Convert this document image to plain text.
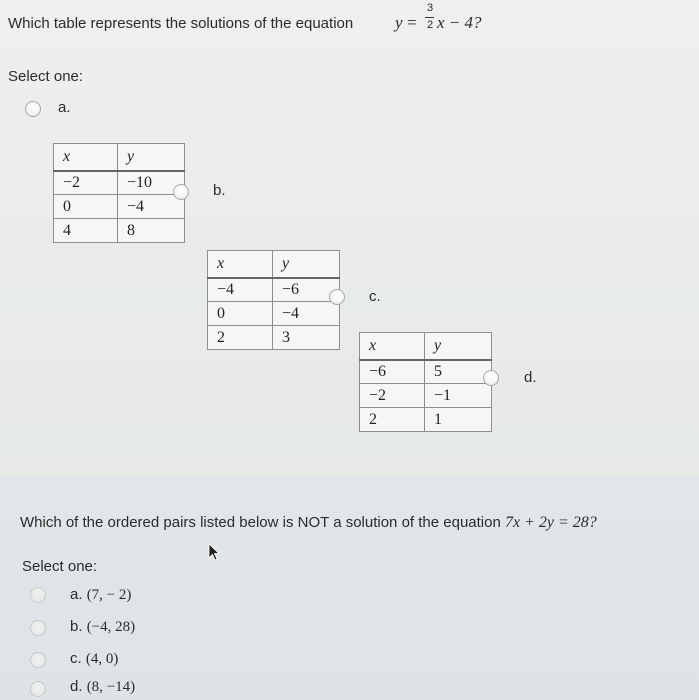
Which table represents the solutions of the equation y =
3
2 x − 4?
Select one:
a.
x	y
−2	−10
0	−4
4	8
b.
x	y
−4	−6
0	−4
2	3
c.
x	y
−6	5
−2	−1
2	1
d.
Which of the ordered pairs listed below is NOT a solution of the equation 7x + 2y = 28?
Select one:
a. (7, − 2)
b. (−4, 28)
c. (4, 0)
d. (8, −14)
